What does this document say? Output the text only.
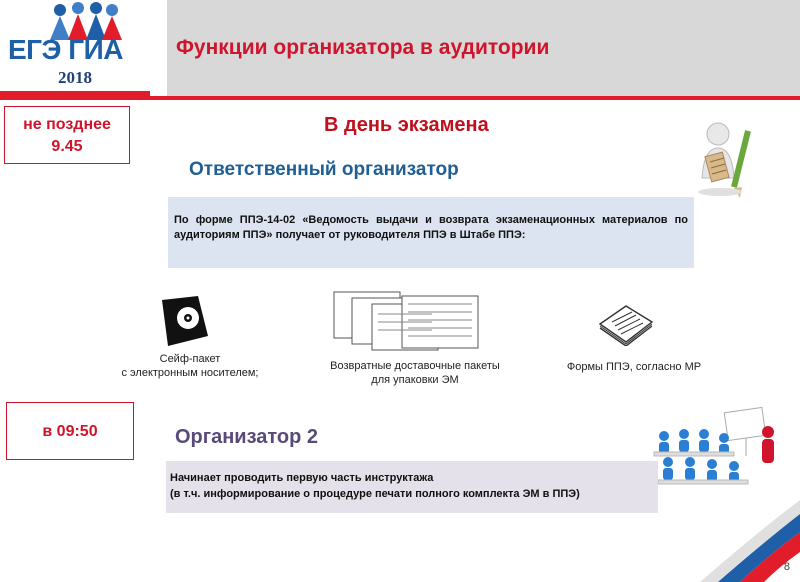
ЕГЭ ГИА
2018
Функции организатора в аудитории
не позднее
9.45
В день экзамена
Ответственный организатор
По форме ППЭ-14-02 «Ведомость выдачи и возврата экзаменационных материалов по аудиториям ППЭ» получает от руководителя ППЭ в Штабе ППЭ:
Сейф-пакет
с электронным носителем;
Возвратные доставочные пакеты
для упаковки ЭМ
Формы ППЭ, согласно МР
в 09:50	Организатор 2
Начинает проводить первую часть инструктажа
(в т.ч. информирование о процедуре печати полного комплекта ЭМ в ППЭ)
8
